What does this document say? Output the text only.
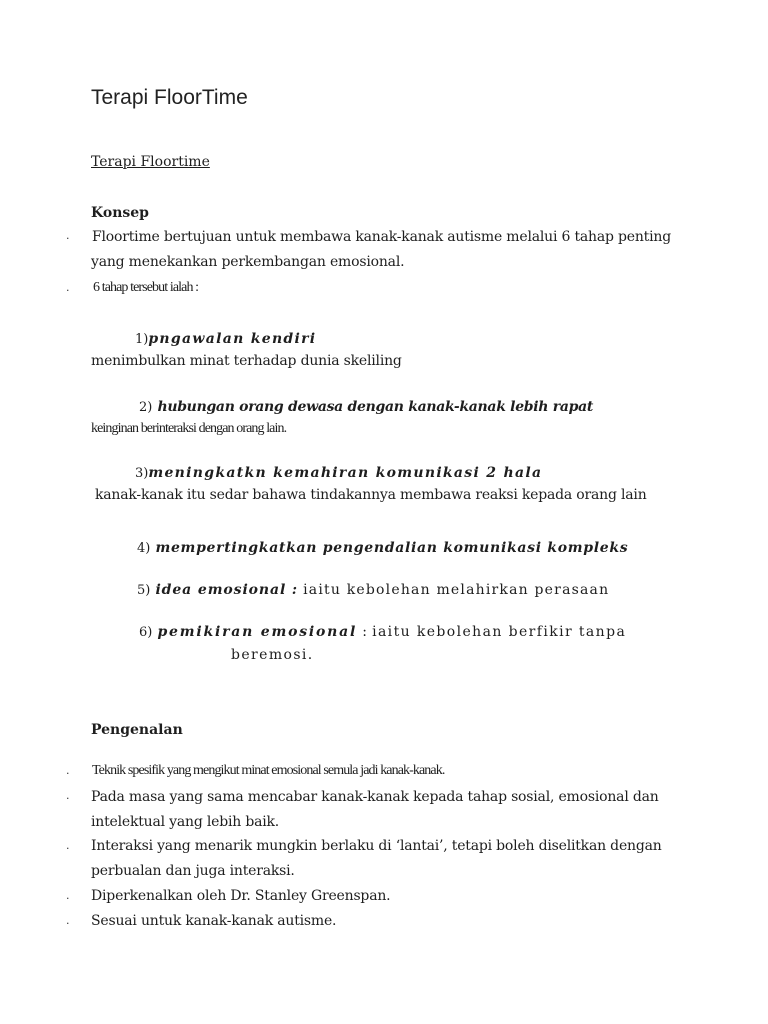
Terapi FloorTime
Terapi Floortime
Konsep
· Floortime bertujuan untuk membawa kanak-kanak autisme melalui 6 tahap penting
yang menekankan perkembangan emosional.
· 6 tahap tersebut ialah :
1)pngawalan kendiri
menimbulkan minat terhadap dunia skeliling
2) hubungan orang dewasa dengan kanak-kanak lebih rapat
keinginan berinteraksi dengan orang lain.
3)meningkatkn kemahiran komunikasi 2 hala
kanak-kanak itu sedar bahawa tindakannya membawa reaksi kepada orang lain
4) mempertingkatkan pengendalian komunikasi kompleks
5) idea emosional : iaitu kebolehan melahirkan perasaan
6) pemikiran emosional : iaitu kebolehan berfikir tanpa
beremosi.
Pengenalan
· Teknik spesifik yang mengikut minat emosional semula jadi kanak-kanak.
· Pada masa yang sama mencabar kanak-kanak kepada tahap sosial, emosional dan
intelektual yang lebih baik.
· Interaksi yang menarik mungkin berlaku di ‘lantai’, tetapi boleh diselitkan dengan
perbualan dan juga interaksi.
· Diperkenalkan oleh Dr. Stanley Greenspan.
· Sesuai untuk kanak-kanak autisme.
